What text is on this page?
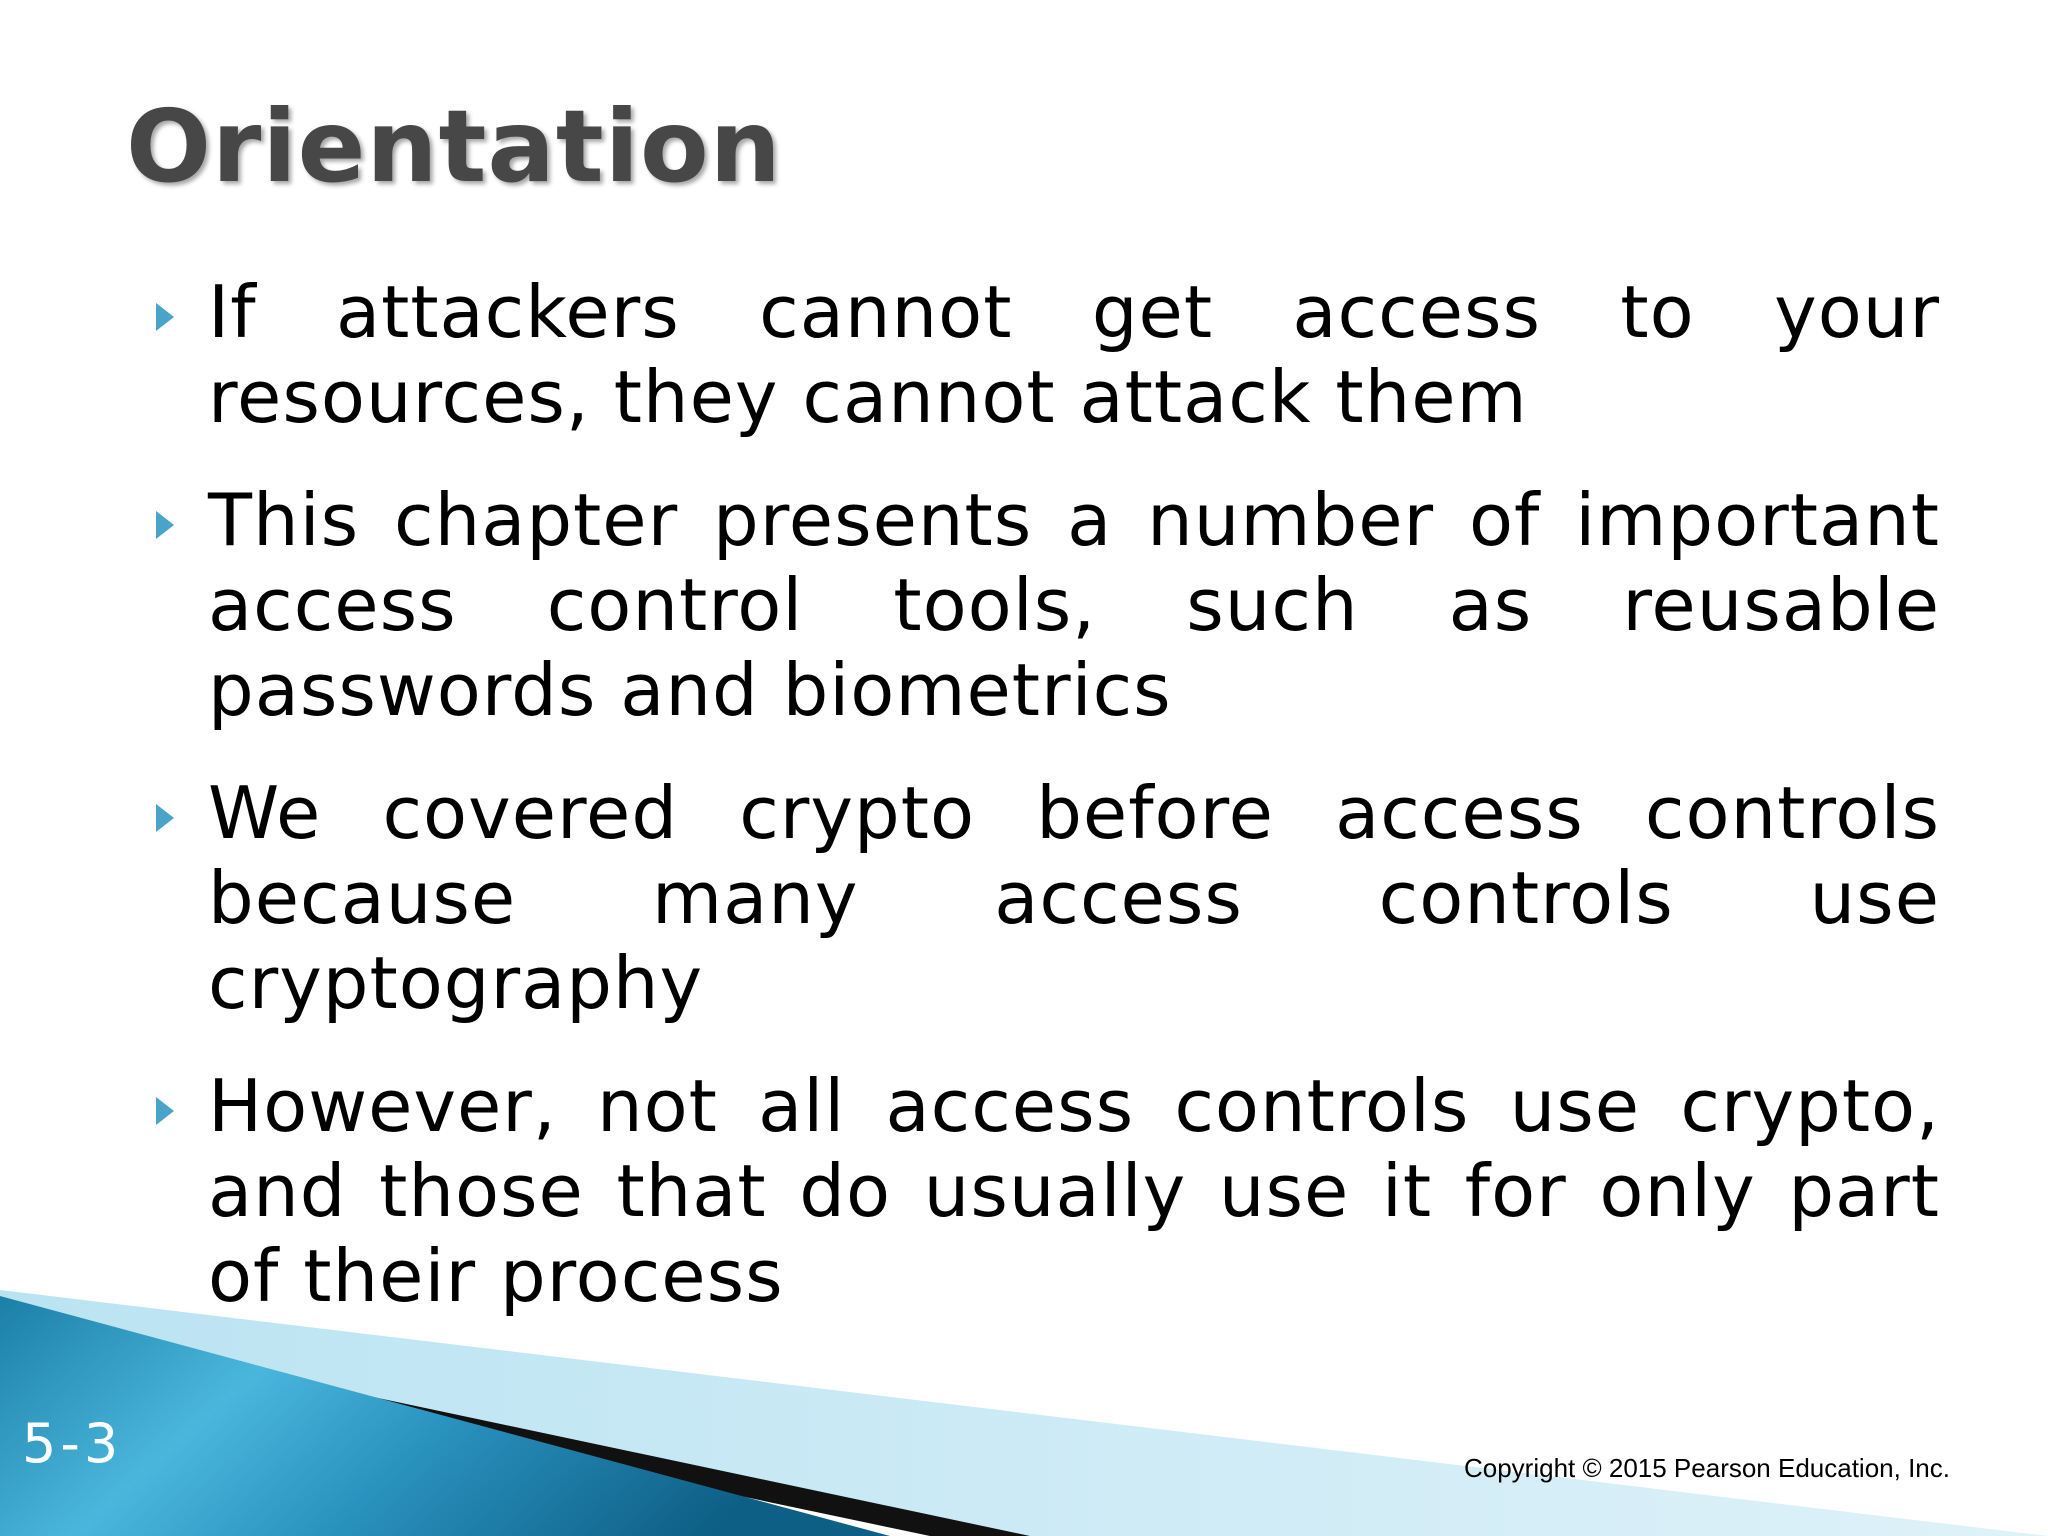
Orientation
If attackers cannot get access to your resources, they cannot attack them
This chapter presents a number of important access control tools, such as reusable passwords and biometrics
We covered crypto before access controls because many access controls use cryptography
However, not all access controls use crypto, and those that do usually use it for only part of their process
5-3	Copyright © 2015 Pearson Education, Inc.
